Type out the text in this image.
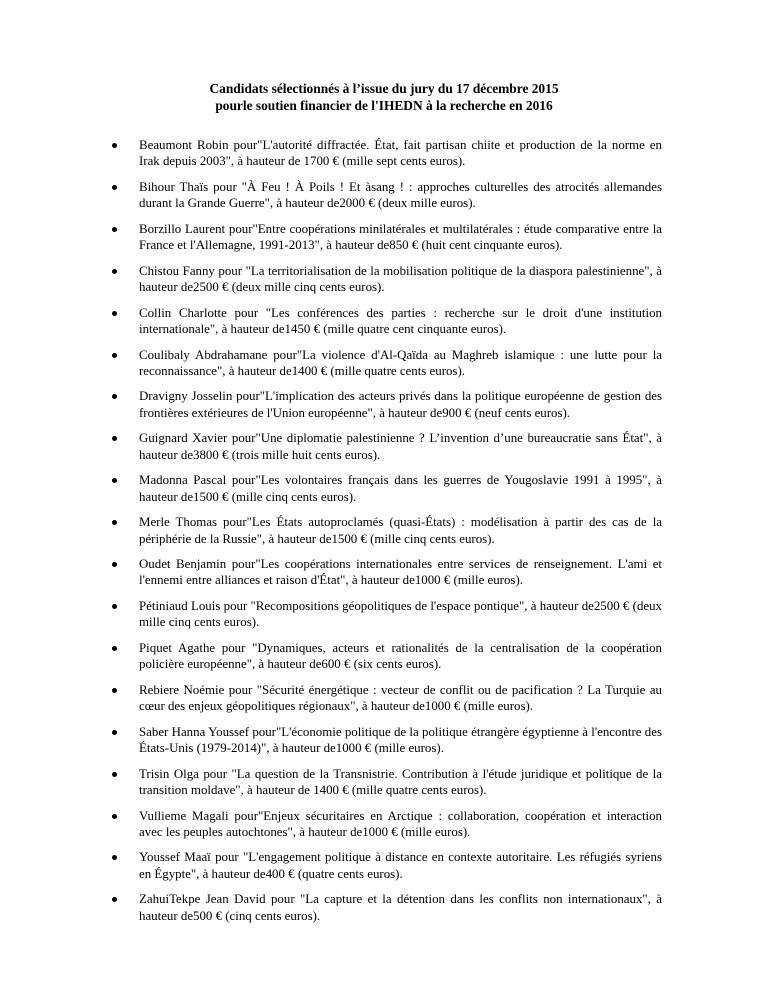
Candidats sélectionnés à l’issue du jury du 17 décembre 2015
pourle soutien financier de l'IHEDN à la recherche en 2016
Beaumont Robin pour"L'autorité diffractée. État, fait partisan chiite et production de la norme en Irak depuis 2003", à hauteur de 1700 € (mille sept cents euros).
Bihour Thaïs pour "À Feu ! À Poils ! Et àsang ! : approches culturelles des atrocités allemandes durant la Grande Guerre", à hauteur de2000 € (deux mille euros).
Borzillo Laurent pour"Entre coopérations minilatérales et multilatérales : étude comparative entre la France et l'Allemagne, 1991-2013", à hauteur de850 € (huit cent cinquante euros).
Chistou Fanny pour "La territorialisation de la mobilisation politique de la diaspora palestinienne", à hauteur de2500 € (deux mille cinq cents euros).
Collin Charlotte pour "Les conférences des parties : recherche sur le droit d'une institution internationale", à hauteur de1450 € (mille quatre cent cinquante euros).
Coulibaly Abdrahamane pour"La violence d'Al-Qaïda au Maghreb islamique : une lutte pour la reconnaissance", à hauteur de1400 € (mille quatre cents euros).
Dravigny Josselin pour"L'implication des acteurs privés dans la politique européenne de gestion des frontières extérieures de l'Union européenne", à hauteur de900 € (neuf cents euros).
Guignard Xavier pour"Une diplomatie palestinienne ? L’invention d’une bureaucratie sans État", à hauteur de3800 € (trois mille huit cents euros).
Madonna Pascal pour"Les volontaires français dans les guerres de Yougoslavie 1991 à 1995", à hauteur de1500 € (mille cinq cents euros).
Merle Thomas pour"Les États autoproclamés (quasi-États) : modélisation à partir des cas de la périphérie de la Russie", à hauteur de1500 € (mille cinq cents euros).
Oudet Benjamin pour"Les coopérations internationales entre services de renseignement. L'ami et l'ennemi entre alliances et raison d'État", à hauteur de1000 € (mille euros).
Pétiniaud Louis pour "Recompositions géopolitiques de l'espace pontique", à hauteur de2500 € (deux mille cinq cents euros).
Piquet Agathe pour "Dynamiques, acteurs et rationalités de la centralisation de la coopération policière européenne", à hauteur de600 € (six cents euros).
Rebiere Noémie pour "Sécurité énergétique : vecteur de conflit ou de pacification ? La Turquie au cœur des enjeux géopolitiques régionaux", à hauteur de1000 € (mille euros).
Saber Hanna Youssef pour"L'économie politique de la politique étrangère égyptienne à l'encontre des États-Unis (1979-2014)", à hauteur de1000 € (mille euros).
Trisin Olga pour "La question de la Transnistrie. Contribution à l'étude juridique et politique de la transition moldave", à hauteur de 1400 € (mille quatre cents euros).
Vullieme Magali pour"Enjeux sécuritaires en Arctique : collaboration, coopération et interaction avec les peuples autochtones", à hauteur de1000 € (mille euros).
Youssef Maaï pour "L'engagement politique à distance en contexte autoritaire. Les réfugiés syriens en Égypte", à hauteur de400 € (quatre cents euros).
ZahuiTekpe Jean David pour "La capture et la détention dans les conflits non internationaux", à hauteur de500 € (cinq cents euros).
